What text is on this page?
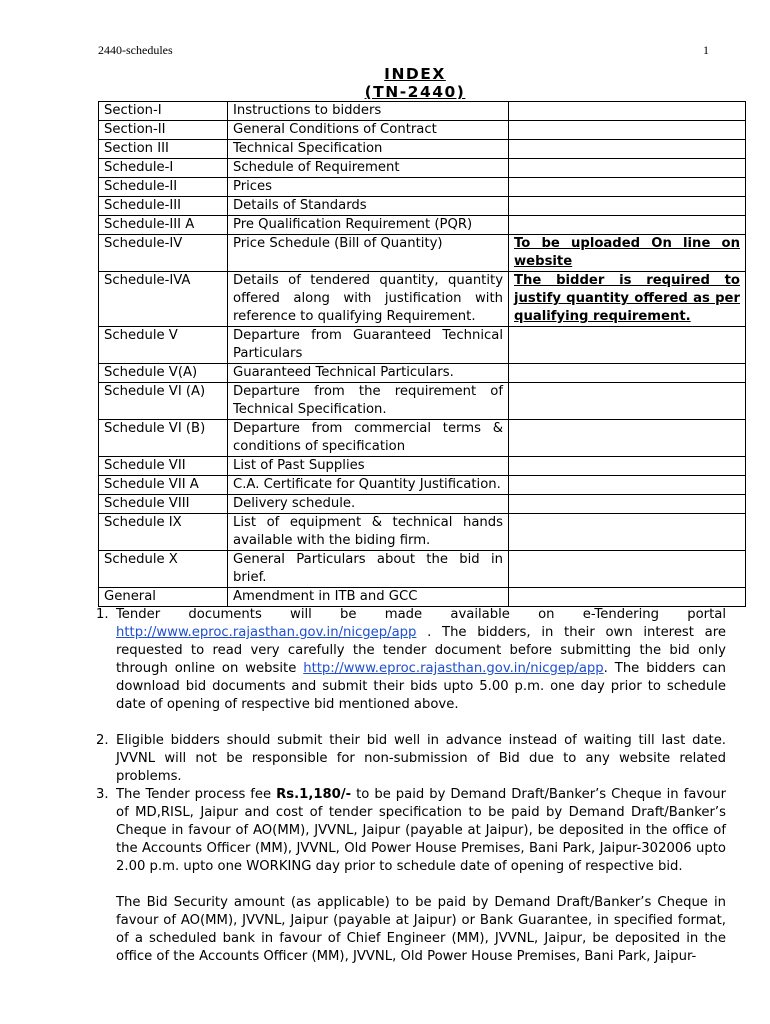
2440-schedules	1
INDEX
(TN-2440)
Section-I	Instructions to bidders	
Section-II	General Conditions of Contract	
Section III	Technical Specification	
Schedule-I	Schedule of Requirement	
Schedule-II	Prices	
Schedule-III	Details of Standards	
Schedule-III A	Pre Qualification Requirement (PQR)	
Schedule-IV	Price Schedule (Bill of Quantity)	To be uploaded On line on website
Schedule-IVA	Details of tendered quantity, quantity offered along with justification with reference to qualifying Requirement.	The bidder is required to justify quantity offered as per qualifying requirement.
Schedule V	Departure from Guaranteed Technical Particulars	
Schedule V(A)	Guaranteed Technical Particulars.	
Schedule VI (A)	Departure from the requirement of Technical Specification.	
Schedule VI (B)	Departure from commercial terms & conditions of specification	
Schedule VII	List of Past Supplies	
Schedule VII A	C.A. Certificate for Quantity Justification.	
Schedule VIII	Delivery schedule.	
Schedule IX	List of equipment & technical hands available with the biding firm.	
Schedule X	General Particulars about the bid in brief.	
General	Amendment in ITB and GCC	
1. Tender documents will be made available on e-Tendering portal
http://www.eproc.rajasthan.gov.in/nicgep/app . The bidders, in their own interest are requested to read very carefully the tender document before submitting the bid only through online on website http://www.eproc.rajasthan.gov.in/nicgep/app. The bidders can download bid documents and submit their bids upto 5.00 p.m. one day prior to schedule date of opening of respective bid mentioned above.
2. Eligible bidders should submit their bid well in advance instead of waiting till last date. JVVNL will not be responsible for non-submission of Bid due to any website related problems.
3. The Tender process fee Rs.1,180/- to be paid by Demand Draft/Banker’s Cheque in favour of MD,RISL, Jaipur and cost of tender specification to be paid by Demand Draft/Banker’s Cheque in favour of AO(MM), JVVNL, Jaipur (payable at Jaipur), be deposited in the office of the Accounts Officer (MM), JVVNL, Old Power House Premises, Bani Park, Jaipur-302006 upto 2.00 p.m. upto one WORKING day prior to schedule date of opening of respective bid.
The Bid Security amount (as applicable) to be paid by Demand Draft/Banker’s Cheque in favour of AO(MM), JVVNL, Jaipur (payable at Jaipur) or Bank Guarantee, in specified format, of a scheduled bank in favour of Chief Engineer (MM), JVVNL, Jaipur, be deposited in the office of the Accounts Officer (MM), JVVNL, Old Power House Premises, Bani Park, Jaipur-
